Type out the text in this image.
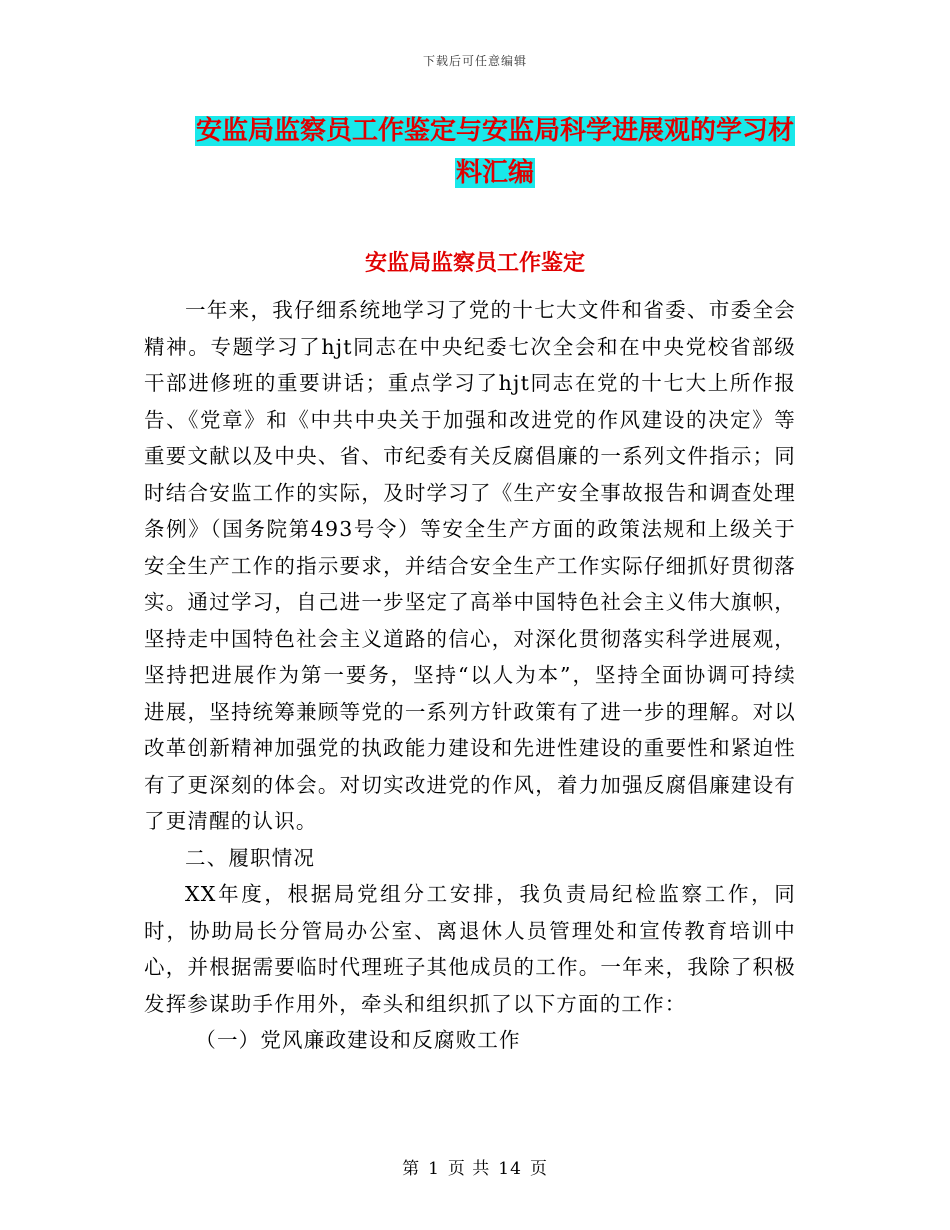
下载后可任意编辑
安监局监察员工作鉴定与安监局科学进展观的学习材
料汇编
安监局监察员工作鉴定

一年来，我仔细系统地学习了党的十七大文件和省委、市委全会精神。专题学习了hjt同志在中央纪委七次全会和在中央党校省部级干部进修班的重要讲话；重点学习了hjt同志在党的十七大上所作报告、《党章》和《中共中央关于加强和改进党的作风建设的决定》等重要文献以及中央、省、市纪委有关反腐倡廉的一系列文件指示；同时结合安监工作的实际，及时学习了《生产安全事故报告和调查处理条例》（国务院第493号令）等安全生产方面的政策法规和上级关于安全生产工作的指示要求，并结合安全生产工作实际仔细抓好贯彻落实。通过学习，自己进一步坚定了高举中国特色社会主义伟大旗帜，坚持走中国特色社会主义道路的信心，对深化贯彻落实科学进展观，坚持把进展作为第一要务，坚持“以人为本”，坚持全面协调可持续进展，坚持统筹兼顾等党的一系列方针政策有了进一步的理解。对以改革创新精神加强党的执政能力建设和先进性建设的重要性和紧迫性有了更深刻的体会。对切实改进党的作风，着力加强反腐倡廉建设有了更清醒的认识。

二、履职情况

XX年度，根据局党组分工安排，我负责局纪检监察工作，同时，协助局长分管局办公室、离退休人员管理处和宣传教育培训中心，并根据需要临时代理班子其他成员的工作。一年来，我除了积极发挥参谋助手作用外，牵头和组织抓了以下方面的工作：

（一）党风廉政建设和反腐败工作

第 1 页 共 14 页
